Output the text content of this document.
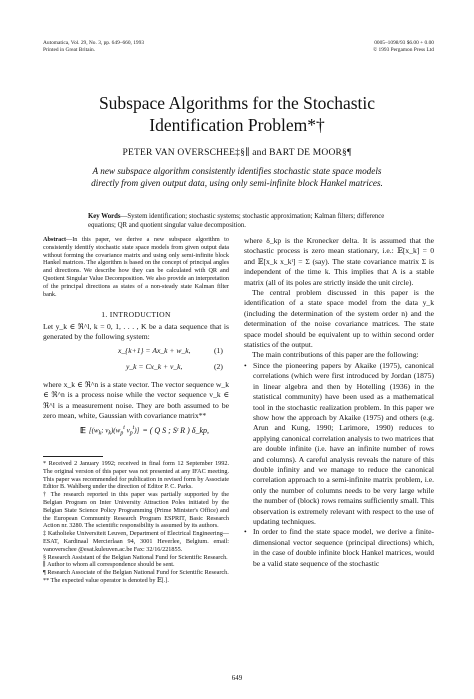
Automatica, Vol. 29, No. 3, pp. 649–660, 1993
Printed in Great Britain.
0005–1098/93 $6.00 + 0.00
© 1993 Pergamon Press Ltd
Subspace Algorithms for the Stochastic
Identification Problem*†
PETER VAN OVERSCHEE‡§∥ and BART DE MOOR§¶
A new subspace algorithm consistently identifies stochastic state space models directly from given output data, using only semi-infinite block Hankel matrices.
Key Words—System identification; stochastic systems; stochastic approximation; Kalman filters; difference equations; QR and quotient singular value decomposition.
Abstract—In this paper, we derive a new subspace algorithm to consistently identify stochastic state space models from given output data without forming the covariance matrix and using only semi-infinite block Hankel matrices. The algorithm is based on the concept of principal angles and directions. We describe how they can be calculated with QR and Quotient Singular Value Decomposition. We also provide an interpretation of the principal directions as states of a non-steady state Kalman filter bank.
1. INTRODUCTION
Let y_k ∈ ℜ^l, k = 0, 1, . . . , K be a data sequence that is generated by the following system:
x_{k+1} = Ax_k + w_k,	(1)
y_k = Cx_k + v_k,	(2)
where x_k ∈ ℜ^n is a state vector. The vector sequence w_k ∈ ℜ^n is a process noise while the vector sequence v_k ∈ ℜ^l is a measurement noise. They are both assumed to be zero mean, white, Gaussian with covariance matrix**
𝔼 [($w_k$; $v_k)(w_p^t$ $v_p^t$)] = ( Q S ; Sᵗ R ) δ_kp,

* Received 2 January 1992; received in final form 12 September 1992. The original version of this paper was not presented at any IFAC meeting. This paper was recommended for publication in revised form by Associate Editor B. Wahlberg under the direction of Editor P. C. Parks.

† The research reported in this paper was partially supported by the Belgian Program on Inter University Attraction Poles initiated by the Belgian State Science Policy Programming (Prime Minister's Office) and the European Community Research Program ESPRIT, Basic Research Action nr. 3280. The scientific responsibility is assumed by its authors.

‡ Katholieke Universiteit Leuven, Department of Electrical Engineering—ESAT, Kardinaal Mercierlaan 94, 3001 Heverlee, Belgium. email: vanoverschee @esat.kuleuven.ac.be Fax: 32/16/221855.

§ Research Assistant of the Belgian National Fund for Scientific Research.

∥ Author to whom all correspondence should be sent.

¶ Research Associate of the Belgian National Fund for Scientific Research.

** The expected value operator is denoted by 𝔼[.].

where δ_kp is the Kronecker delta. It is assumed that the stochastic process is zero mean stationary, i.e.: 𝔼[x_k] = 0 and 𝔼[x_k x_kᵗ] = Σ (say). The state covariance matrix Σ is independent of the time k. This implies that A is a stable matrix (all of its poles are strictly inside the unit circle).

The central problem discussed in this paper is the identification of a state space model from the data y_k (including the determination of the system order n) and the determination of the noise covariance matrices. The state space model should be equivalent up to within second order statistics of the output.

The main contributions of this paper are the following:

• Since the pioneering papers by Akaike (1975), canonical correlations (which were first introduced by Jordan (1875) in linear algebra and then by Hotelling (1936) in the statistical community) have been used as a mathematical tool in the stochastic realization problem. In this paper we show how the approach by Akaike (1975) and others (e.g. Arun and Kung, 1990; Larimore, 1990) reduces to applying canonical correlation analysis to two matrices that are double infinite (i.e. have an infinite number of rows and columns). A careful analysis reveals the nature of this double infinity and we manage to reduce the canonical correlation approach to a semi-infinite matrix problem, i.e. only the number of columns needs to be very large while the number of (block) rows remains sufficiently small. This observation is extremely relevant with respect to the use of updating techniques.
• In order to find the state space model, we derive a finite-dimensional vector sequence (principal directions) which, in the case of double infinite block Hankel matrices, would be a valid state sequence of the stochastic
649
